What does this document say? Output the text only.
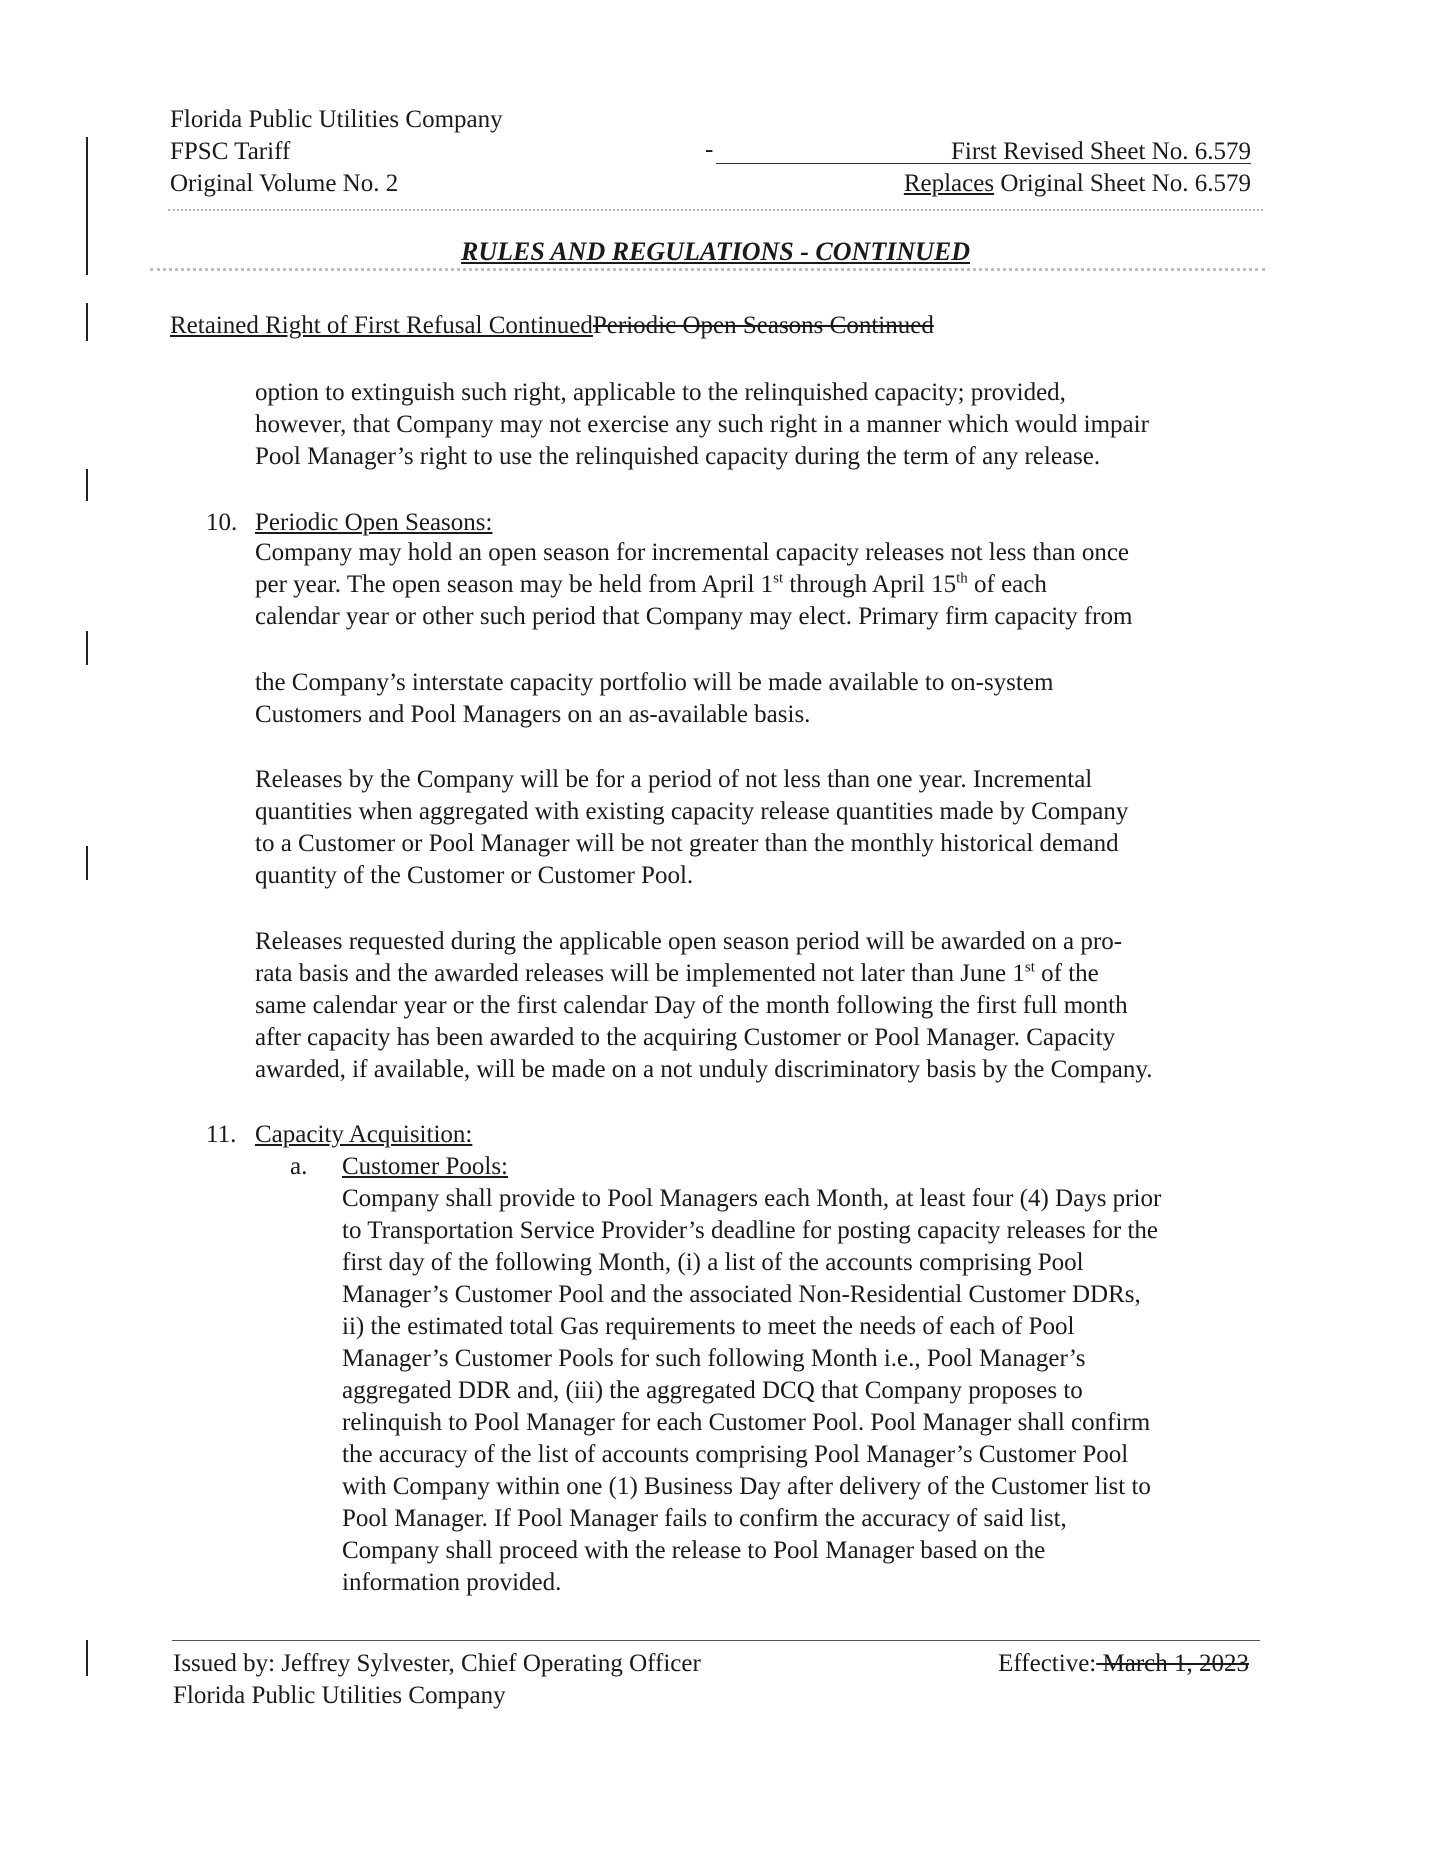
Florida Public Utilities Company
FPSC Tariff
Original Volume No. 2
-	First Revised Sheet No. 6.579
Replaces Original Sheet No. 6.579
RULES AND REGULATIONS - CONTINUED
Retained Right of First Refusal ContinuedPeriodic Open Seasons Continued
option to extinguish such right, applicable to the relinquished capacity; provided,
however, that Company may not exercise any such right in a manner which would impair
Pool Manager’s right to use the relinquished capacity during the term of any release.
10. Periodic Open Seasons:
Company may hold an open season for incremental capacity releases not less than once
per year. The open season may be held from April 1st through April 15th of each
calendar year or other such period that Company may elect. Primary firm capacity from
the Company’s interstate capacity portfolio will be made available to on-system
Customers and Pool Managers on an as-available basis.
Releases by the Company will be for a period of not less than one year. Incremental
quantities when aggregated with existing capacity release quantities made by Company
to a Customer or Pool Manager will be not greater than the monthly historical demand
quantity of the Customer or Customer Pool.
Releases requested during the applicable open season period will be awarded on a pro-
rata basis and the awarded releases will be implemented not later than June 1st of the
same calendar year or the first calendar Day of the month following the first full month
after capacity has been awarded to the acquiring Customer or Pool Manager. Capacity
awarded, if available, will be made on a not unduly discriminatory basis by the Company.
11. Capacity Acquisition:
a. Customer Pools:
Company shall provide to Pool Managers each Month, at least four (4) Days prior
to Transportation Service Provider’s deadline for posting capacity releases for the
first day of the following Month, (i) a list of the accounts comprising Pool
Manager’s Customer Pool and the associated Non-Residential Customer DDRs,
ii) the estimated total Gas requirements to meet the needs of each of Pool
Manager’s Customer Pools for such following Month i.e., Pool Manager’s
aggregated DDR and, (iii) the aggregated DCQ that Company proposes to
relinquish to Pool Manager for each Customer Pool. Pool Manager shall confirm
the accuracy of the list of accounts comprising Pool Manager’s Customer Pool
with Company within one (1) Business Day after delivery of the Customer list to
Pool Manager. If Pool Manager fails to confirm the accuracy of said list,
Company shall proceed with the release to Pool Manager based on the
information provided.
Issued by: Jeffrey Sylvester, Chief Operating Officer
Florida Public Utilities Company
Effective: March 1, 2023
